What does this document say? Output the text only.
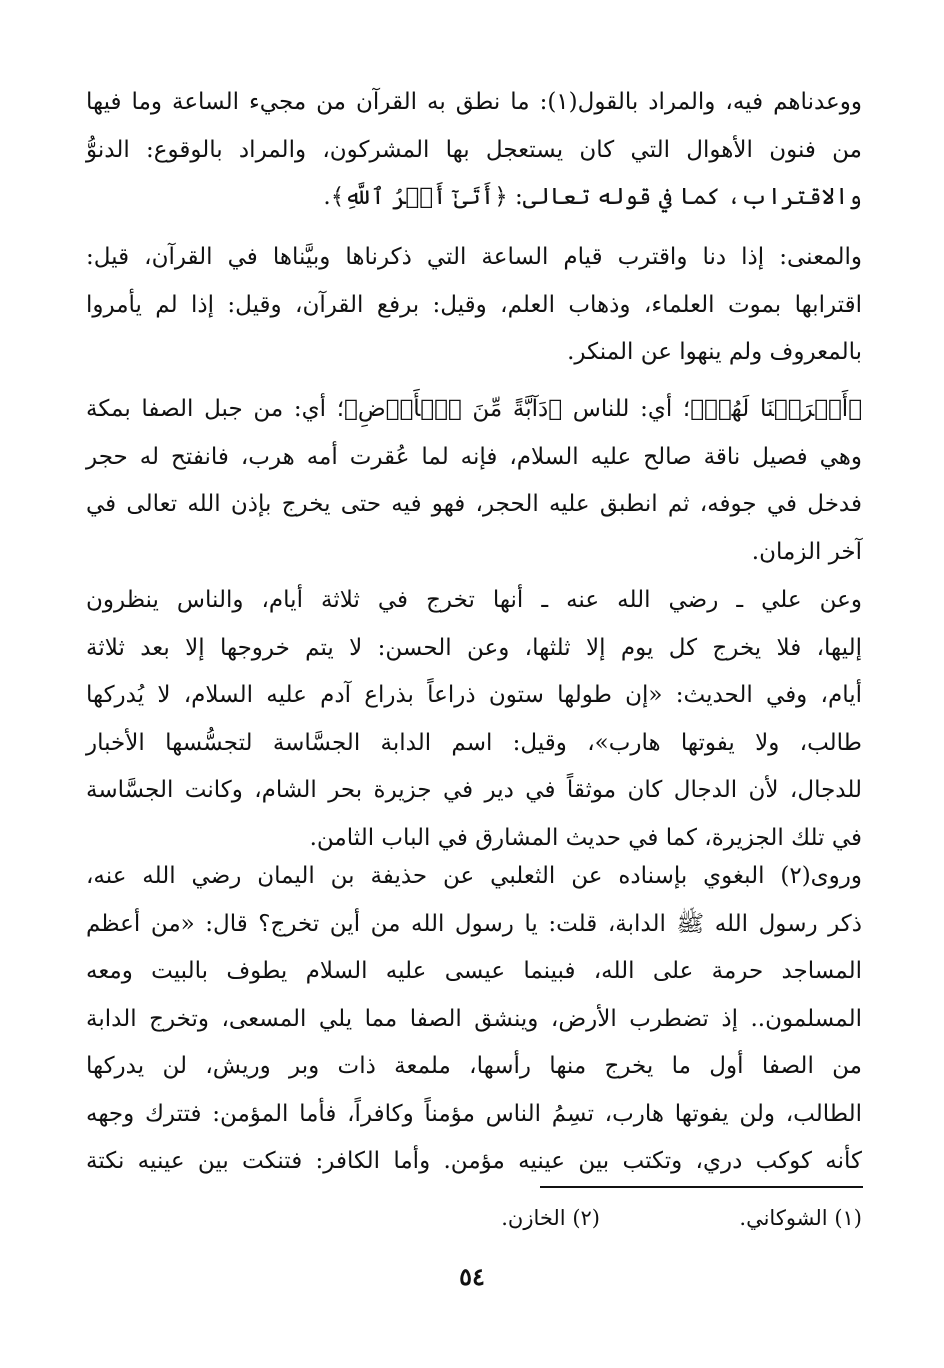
ووعدناهم فيه، والمراد بالقول(١): ما نطق به القرآن من مجيء الساعة وما فيها
من فنون الأهوال التي كان يستعجل بها المشركون، والمراد بالوقوع: الدنوُّ
والاقتراب، كما في قوله تعالى: ﴿أَتَىٰٓ أَمۡرُ ٱللَّهِ﴾.
والمعنى: إذا دنا واقترب قيام الساعة التي ذكرناها وبيَّناها في القرآن، قيل:
اقترابها بموت العلماء، وذهاب العلم، وقيل: برفع القرآن، وقيل: إذا لم يأمروا
بالمعروف ولم ينهوا عن المنكر.
﴿أَخۡرَجۡنَا لَهُمۡ﴾؛ أي: للناس ﴿دَآبَّةً مِّنَ ٱلۡأَرۡضِ﴾؛ أي: من جبل الصفا بمكة
وهي فصيل ناقة صالح عليه السلام، فإنه لما عُقرت أمه هرب، فانفتح له حجر
فدخل في جوفه، ثم انطبق عليه الحجر، فهو فيه حتى يخرج بإذن الله تعالى في
آخر الزمان.
وعن علي ـ رضي الله عنه ـ أنها تخرج في ثلاثة أيام، والناس ينظرون
إليها، فلا يخرج كل يوم إلا ثلثها، وعن الحسن: لا يتم خروجها إلا بعد ثلاثة
أيام، وفي الحديث: «إن طولها ستون ذراعاً بذراع آدم عليه السلام، لا يُدركها
طالب، ولا يفوتها هارب»، وقيل: اسم الدابة الجسَّاسة لتجسُّسها الأخبار
للدجال، لأن الدجال كان موثقاً في دير في جزيرة بحر الشام، وكانت الجسَّاسة
في تلك الجزيرة، كما في حديث المشارق في الباب الثامن.
وروى(٢) البغوي بإسناده عن الثعلبي عن حذيفة بن اليمان رضي الله عنه،
ذكر رسول الله ﷺ الدابة، قلت: يا رسول الله من أين تخرج؟ قال: «من أعظم
المساجد حرمة على الله، فبينما عيسى عليه السلام يطوف بالبيت ومعه
المسلمون.. إذ تضطرب الأرض، وينشق الصفا مما يلي المسعى، وتخرج الدابة
من الصفا أول ما يخرج منها رأسها، ملمعة ذات وبر وريش، لن يدركها
الطالب، ولن يفوتها هارب، تسِمُ الناس مؤمناً وكافراً، فأما المؤمن: فتترك وجهه
كأنه كوكب دري، وتكتب بين عينيه مؤمن. وأما الكافر: فتنكت بين عينيه نكتة
(١) الشوكاني.
(٢) الخازن.
٥٤
